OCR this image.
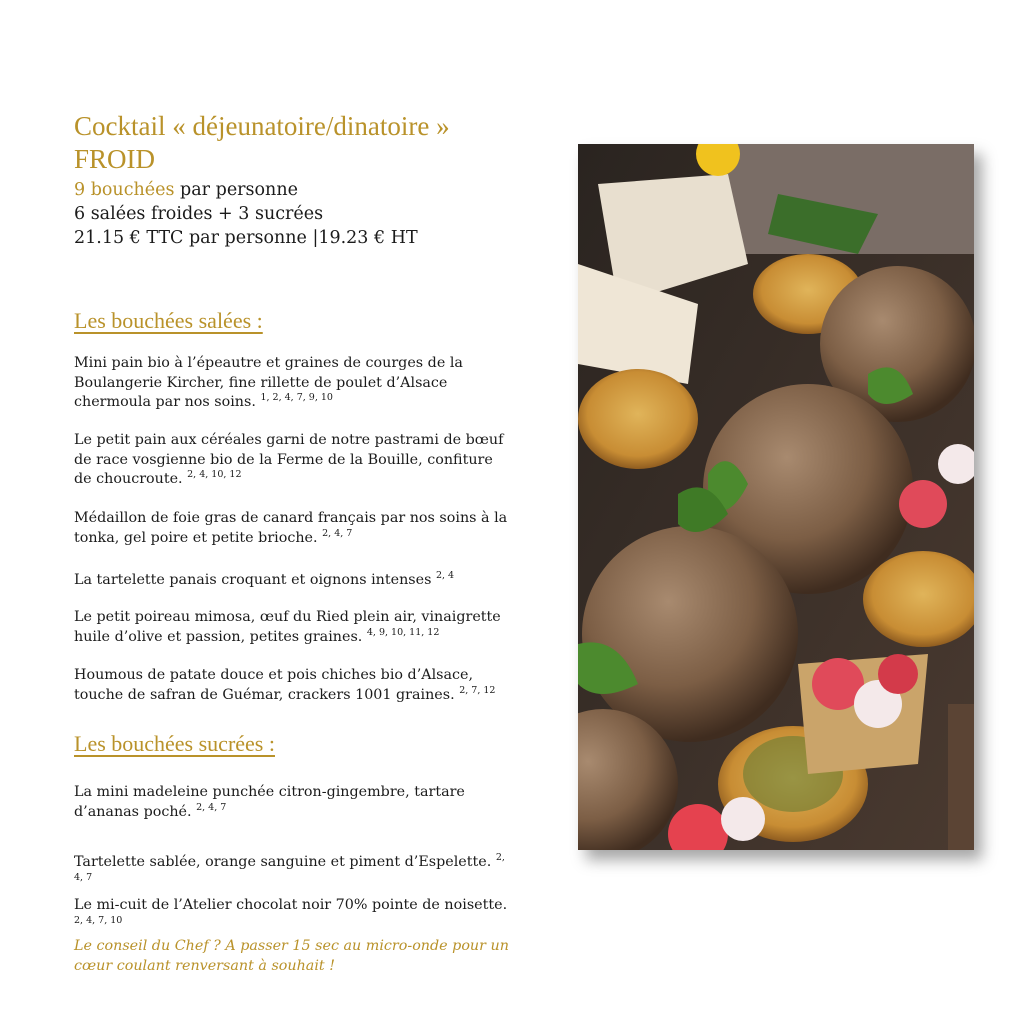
Cocktail « déjeunatoire/dinatoire »
FROID
9 bouchées par personne
6 salées froides + 3 sucrées
21.15 € TTC par personne |19.23 € HT
Les bouchées salées :
Mini pain bio à l’épeautre et graines de courges de la Boulangerie Kircher, fine rillette de poulet d’Alsace chermoula par nos soins. $^{1, 2, 4, 7, 9, 10}$
Le petit pain aux céréales garni de notre pastrami de bœuf de race vosgienne bio de la Ferme de la Bouille, confiture de choucroute. $^{2, 4, 10, 12}$
Médaillon de foie gras de canard français par nos soins à la tonka, gel poire et petite brioche. $^{2, 4, 7}$
La tartelette panais croquant et oignons intenses $^{2, 4}$
Le petit poireau mimosa, œuf du Ried plein air, vinaigrette huile d’olive et passion, petites graines. $^{4, 9, 10, 11, 12}$
Houmous de patate douce et pois chiches bio d’Alsace, touche de safran de Guémar, crackers 1001 graines. $^{2, 7, 12}$
Les bouchées sucrées :
La mini madeleine punchée citron-gingembre, tartare d’ananas poché. $^{2, 4, 7}$
Tartelette sablée, orange sanguine et piment d’Espelette. $^{2, 4, 7}$
Le mi-cuit de l’Atelier chocolat noir 70% pointe de noisette. $^{2, 4, 7, 10}$
Le conseil du Chef ? A passer 15 sec au micro-onde pour un cœur coulant renversant à souhait !
